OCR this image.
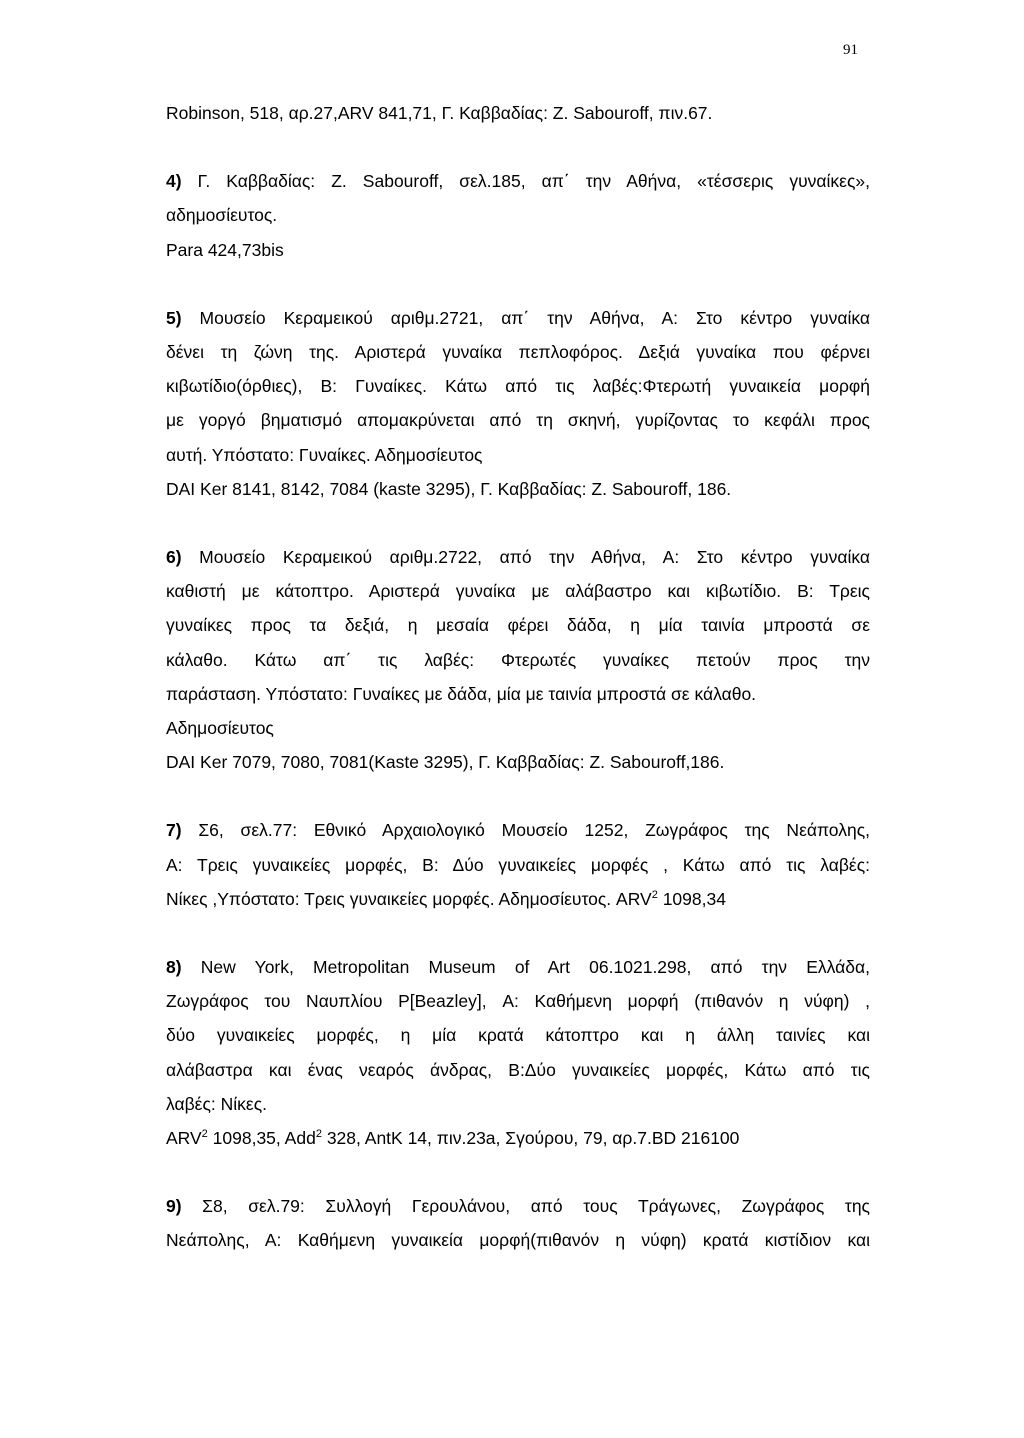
91
Robinson, 518, αρ.27,ARV 841,71, Γ. Καββαδίας: Ζ. Sabouroff, πιν.67.
4) Γ. Καββαδίας: Ζ. Sabouroff, σελ.185, απ΄ την Αθήνα, «τέσσερις γυναίκες»,
αδημοσίευτος.
Para 424,73bis
5) Μουσείο Κεραμεικού αριθμ.2721, απ΄ την Αθήνα, Α: Στο κέντρο γυναίκα
δένει τη ζώνη της. Αριστερά γυναίκα πεπλοφόρος. Δεξιά γυναίκα που φέρνει
κιβωτίδιο(όρθιες), Β: Γυναίκες. Κάτω από τις λαβές:Φτερωτή γυναικεία μορφή
με γοργό βηματισμό απομακρύνεται από τη σκηνή, γυρίζοντας το κεφάλι προς
αυτή. Υπόστατο: Γυναίκες. Αδημοσίευτος
DAI Ker 8141, 8142, 7084 (kaste 3295), Γ. Καββαδίας: Ζ. Sabouroff, 186.
6) Μουσείο Κεραμεικού αριθμ.2722, από την Αθήνα, Α: Στο κέντρο γυναίκα
καθιστή με κάτοπτρο. Αριστερά γυναίκα με αλάβαστρο και κιβωτίδιο. Β: Τρεις
γυναίκες προς τα δεξιά, η μεσαία φέρει δάδα, η μία ταινία μπροστά σε
κάλαθο. Κάτω απ΄ τις λαβές: Φτερωτές γυναίκες πετούν προς την
παράσταση. Υπόστατο: Γυναίκες με δάδα, μία με ταινία μπροστά σε κάλαθο.
Αδημοσίευτος
DAI Ker 7079, 7080, 7081(Kaste 3295), Γ. Καββαδίας: Ζ. Sabouroff,186.
7) Σ6, σελ.77: Εθνικό Αρχαιολογικό Μουσείο 1252, Ζωγράφος της Νεάπολης,
Α: Τρεις γυναικείες μορφές, Β: Δύο γυναικείες μορφές , Κάτω από τις λαβές:
Νίκες ,Υπόστατο: Τρεις γυναικείες μορφές. Αδημοσίευτος. ARV$^2$ 1098,34
8) New York, Metropolitan Museum of Art 06.1021.298, από την Ελλάδα,
Ζωγράφος του Ναυπλίου P[Beazley], Α: Καθήμενη μορφή (πιθανόν η νύφη) ,
δύο γυναικείες μορφές, η μία κρατά κάτοπτρο και η άλλη ταινίες και
αλάβαστρα και ένας νεαρός άνδρας, Β:Δύο γυναικείες μορφές, Κάτω από τις
λαβές: Νίκες.
ARV$^2$ 1098,35, Add$^2$ 328, AntK 14, πιν.23a, Σγούρου, 79, αρ.7.BD 216100
9) Σ8, σελ.79: Συλλογή Γερουλάνου, από τους Τράγωνες, Ζωγράφος της
Νεάπολης, Α: Καθήμενη γυναικεία μορφή(πιθανόν η νύφη) κρατά κιστίδιον και
